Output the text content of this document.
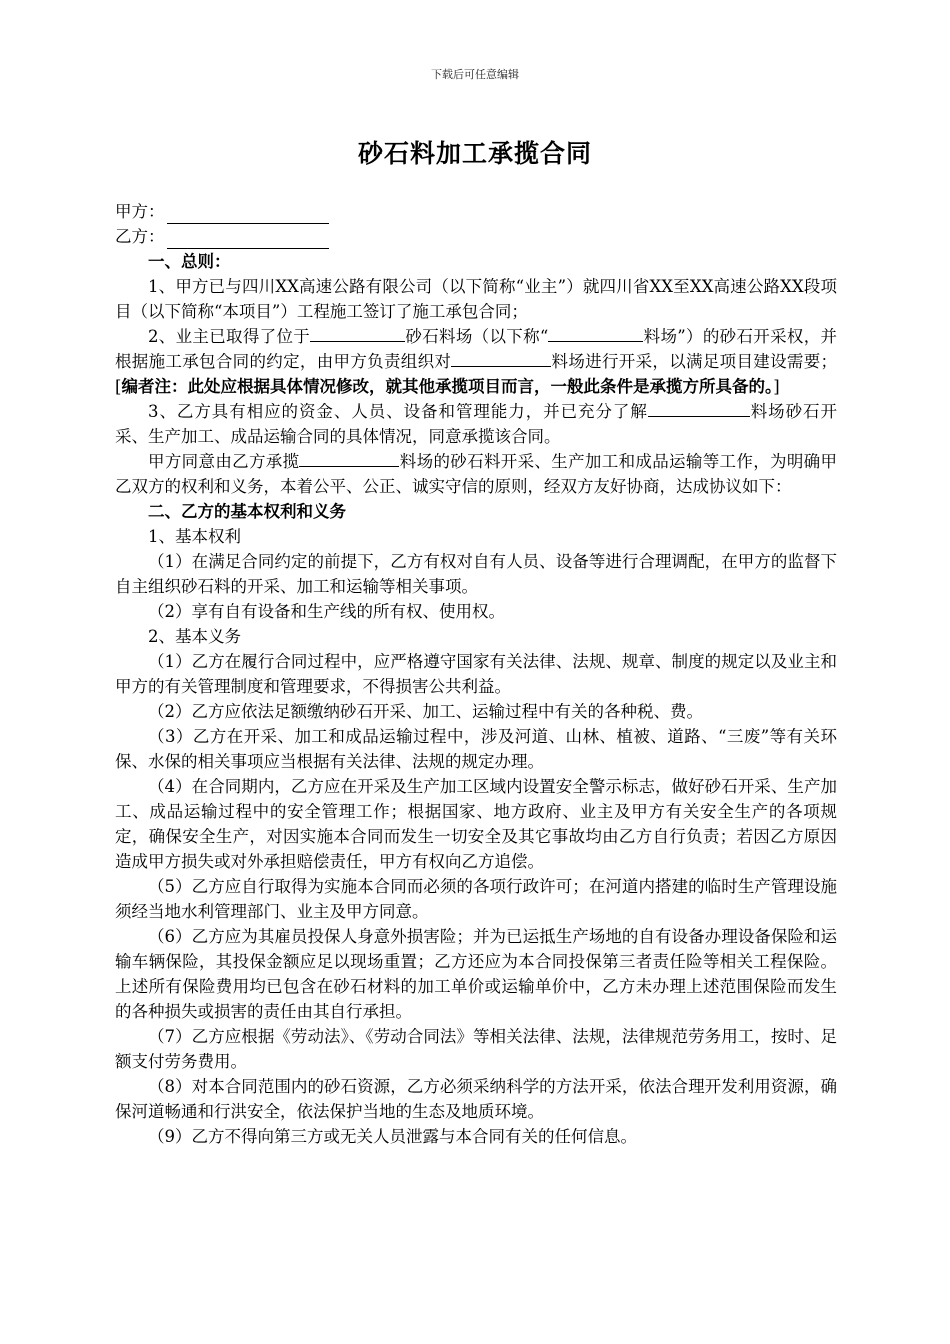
下载后可任意编辑
砂石料加工承揽合同
甲方：
乙方：

一、总则：

1、甲方已与四川XX高速公路有限公司（以下简称“业主”）就四川省XX至XX高速公路XX段项目（以下简称“本项目”）工程施工签订了施工承包合同；

2、业主已取得了位于	砂石料场（以下称“	料场”）的砂石开采权，并根据施工承包合同的约定，由甲方负责组织对	料场进行开采，以满足项目建设需要；[编者注：此处应根据具体情况修改，就其他承揽项目而言，一般此条件是承揽方所具备的。]

3、乙方具有相应的资金、人员、设备和管理能力，并已充分了解	料场砂石开采、生产加工、成品运输合同的具体情况，同意承揽该合同。

甲方同意由乙方承揽	料场的砂石料开采、生产加工和成品运输等工作，为明确甲乙双方的权利和义务，本着公平、公正、诚实守信的原则，经双方友好协商，达成协议如下：

二、乙方的基本权利和义务

1、基本权利

（1）在满足合同约定的前提下，乙方有权对自有人员、设备等进行合理调配，在甲方的监督下自主组织砂石料的开采、加工和运输等相关事项。

（2）享有自有设备和生产线的所有权、使用权。

2、基本义务

（1）乙方在履行合同过程中，应严格遵守国家有关法律、法规、规章、制度的规定以及业主和甲方的有关管理制度和管理要求，不得损害公共利益。

（2）乙方应依法足额缴纳砂石开采、加工、运输过程中有关的各种税、费。

（3）乙方在开采、加工和成品运输过程中，涉及河道、山林、植被、道路、“三废”等有关环保、水保的相关事项应当根据有关法律、法规的规定办理。

（4）在合同期内，乙方应在开采及生产加工区域内设置安全警示标志，做好砂石开采、生产加工、成品运输过程中的安全管理工作；根据国家、地方政府、业主及甲方有关安全生产的各项规定，确保安全生产，对因实施本合同而发生一切安全及其它事故均由乙方自行负责；若因乙方原因造成甲方损失或对外承担赔偿责任，甲方有权向乙方追偿。

（5）乙方应自行取得为实施本合同而必须的各项行政许可；在河道内搭建的临时生产管理设施须经当地水利管理部门、业主及甲方同意。

（6）乙方应为其雇员投保人身意外损害险；并为已运抵生产场地的自有设备办理设备保险和运输车辆保险，其投保金额应足以现场重置；乙方还应为本合同投保第三者责任险等相关工程保险。上述所有保险费用均已包含在砂石材料的加工单价或运输单价中，乙方未办理上述范围保险而发生的各种损失或损害的责任由其自行承担。

（7）乙方应根据《劳动法》、《劳动合同法》等相关法律、法规，法律规范劳务用工，按时、足额支付劳务费用。

（8）对本合同范围内的砂石资源，乙方必须采纳科学的方法开采，依法合理开发利用资源，确保河道畅通和行洪安全，依法保护当地的生态及地质环境。

（9）乙方不得向第三方或无关人员泄露与本合同有关的任何信息。
